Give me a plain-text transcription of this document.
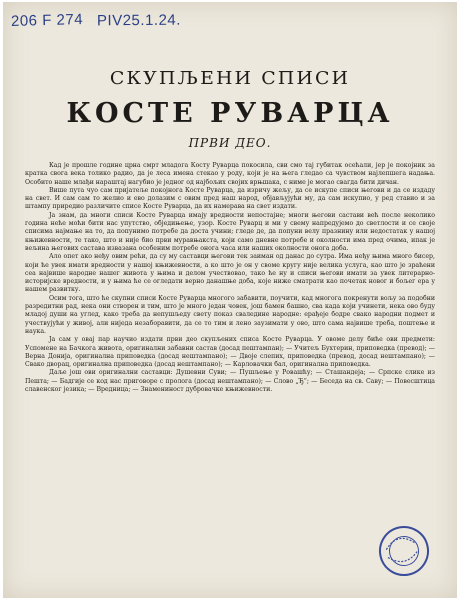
206 F 274 PIV25.1.24.
СКУПЉЕНИ СПИСИ
КОСТЕ РУВАРЦА
ПРВИ ДЕО.

Кад је прошле године црна смрт младога Косту Руварца покосила, сви смо тај губитак осећали, јер је покојник за кратка свога века толико радио, да је леса имена стекао у роду, који је на њега гледао са чувством најлепшега надања. Особито наше млађи нараштај нагубио је једног од најбољих својих врњшака, с ниме је могао свагда бити дичан.

Више пута чуо сам пријатеље покојнога Косте Руварца, да изричу жељу, да се искупе списи његови и да се издаду на свет. И сам сам то желио и ево долазим с овим пред наш народ, објављујући му, да сам искупио, у ред ставио и за штампу приредио различите списе Косте Руварца, да их намерава на свет издати.

Ја знам, да многи списи Косте Руварца имају вредности непостајне; многи његови састави већ после неколико година неће моћи бити нас упутство, обједињење, узор. Косте Руварц и ми у свему напредујемо до светлости и се своје списима најмање на то, да попунимо потребе да доста учини; гледе де, да попуни велу празнину или недостатак у нашој књижевности, те тако, што и није био први муравњакста, који само дневне потребе и околности има пред очима, ипак је вељина његових састава извазана особеним потребе онога часа или наших околности онога доба.

Ало опет ако неђу овим рећи, да су му саставци његови тек заиман од данас до сутра. Има неђу њима много бисер, који ће увек имати вредности у нашој књижевности, а ко што је он у своме кругу није велика услуга, као што је зраћени сеа највише народне нашег живота у њима и делом учествовао, тако ће ну и списи његови имати за увек литерарно-историјске вредности, и у њима ће се огледати верно данашње доба, које ниже сматрати као почетак новог и бољег ера у нашем развитку.

Осим тога, што ће скупни списи Косте Руварца многого забавити, поучити, кад многога покренути вољу за подобни разредитни рад, нека они створен и тим, што је много један човек, још бамен башно, сва када који учинети, нека ово буду младој души на углед, како треба да непушљеду свету показ сваледине народне: ерађеје бодре свако народни подмет и учествујући у живој, али ниједа незаборавити, да се то тим и лено заузимати у ово, што сама највише треба, поштење и наука.

Ја сам у овај пар научио издати први део скупљених списа Косте Руварца. У овоме делу биће ови предмети: Успомене на Бачкога живота, оригинални забавни састав (досад пештампан); — Учитељ Бухтерин, приповедка (превод); — Верна Донија, оригинална приповедка (досад нештампано); — Двоје слепих, приповедка (превод, досад нештампано); — Свако дворац, оригинална приповедка (досад нештампано); — Карловачки бал, оригинална приповедка.

Даље још ови оригинални саставци: Душевни Суви; — Пушљење у Ровашћу; — Сташандеја; — Српске слике из Пешта; — Бадгије се код нас приговоре с пролога (досад нештампано); — Слово „Ђ“; — Беседа на св. Саву; — Повесштица славенског језика; — Вредница; — Знамениност дубровачке књижевности.
